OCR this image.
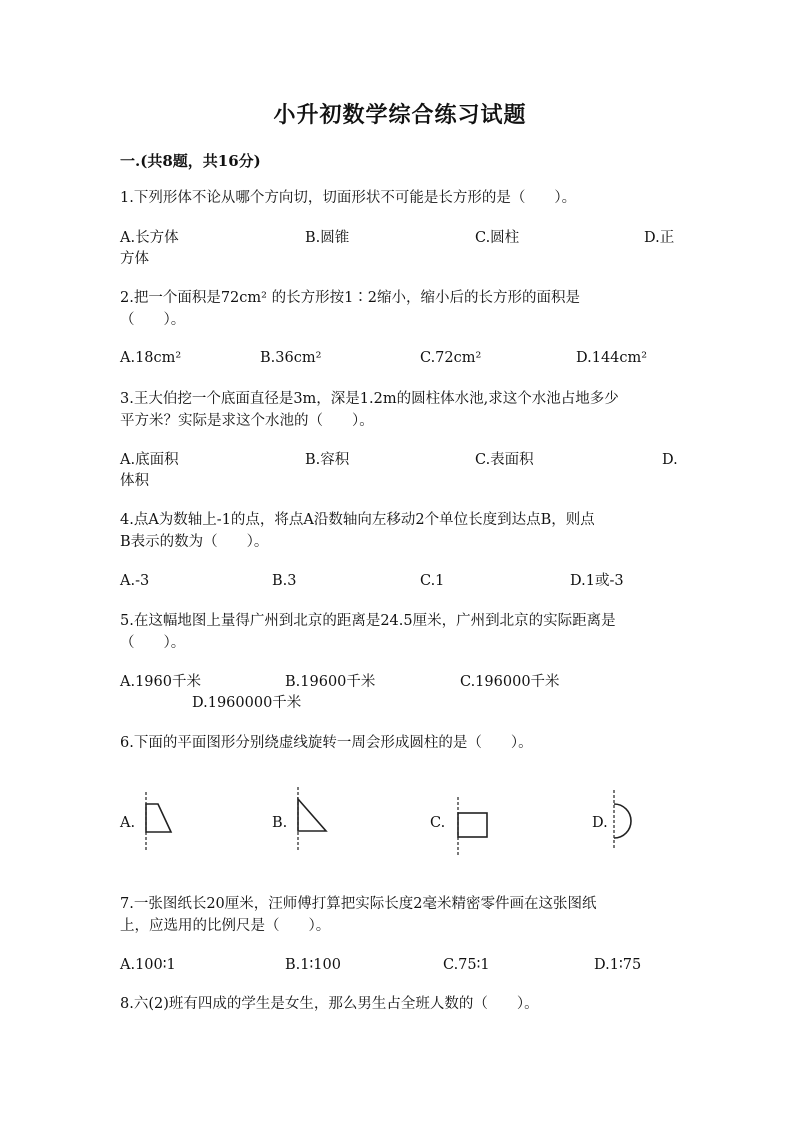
小升初数学综合练习试题
一.(共8题，共16分)
1.下列形体不论从哪个方向切，切面形状不可能是长方形的是（　　）。
A.长方体	B.圆锥	C.圆柱	D.正
方体
2.把一个面积是72cm² 的长方形按1∶2缩小，缩小后的长方形的面积是
（　　）。
A.18cm²	B.36cm²	C.72cm²	D.144cm²
3.王大伯挖一个底面直径是3m，深是1.2m的圆柱体水池,求这个水池占地多少
平方米？实际是求这个水池的（　　）。
A.底面积	B.容积	C.表面积	D.
体积
4.点A为数轴上-1的点，将点A沿数轴向左移动2个单位长度到达点B，则点
B表示的数为（　　）。
A.-3	B.3	C.1	D.1或-3
5.在这幅地图上量得广州到北京的距离是24.5厘米，广州到北京的实际距离是
（　　）。
A.1960千米	B.19600千米	C.196000千米
D.1960000千米
6.下面的平面图形分别绕虚线旋转一周会形成圆柱的是（　　）。
A.	B.	C.	D.
7.一张图纸长20厘米，汪师傅打算把实际长度2毫米精密零件画在这张图纸
上，应选用的比例尺是（　　）。
A.100∶1	B.1∶100	C.75∶1	D.1∶75
8.六(2)班有四成的学生是女生，那么男生占全班人数的（　　）。
